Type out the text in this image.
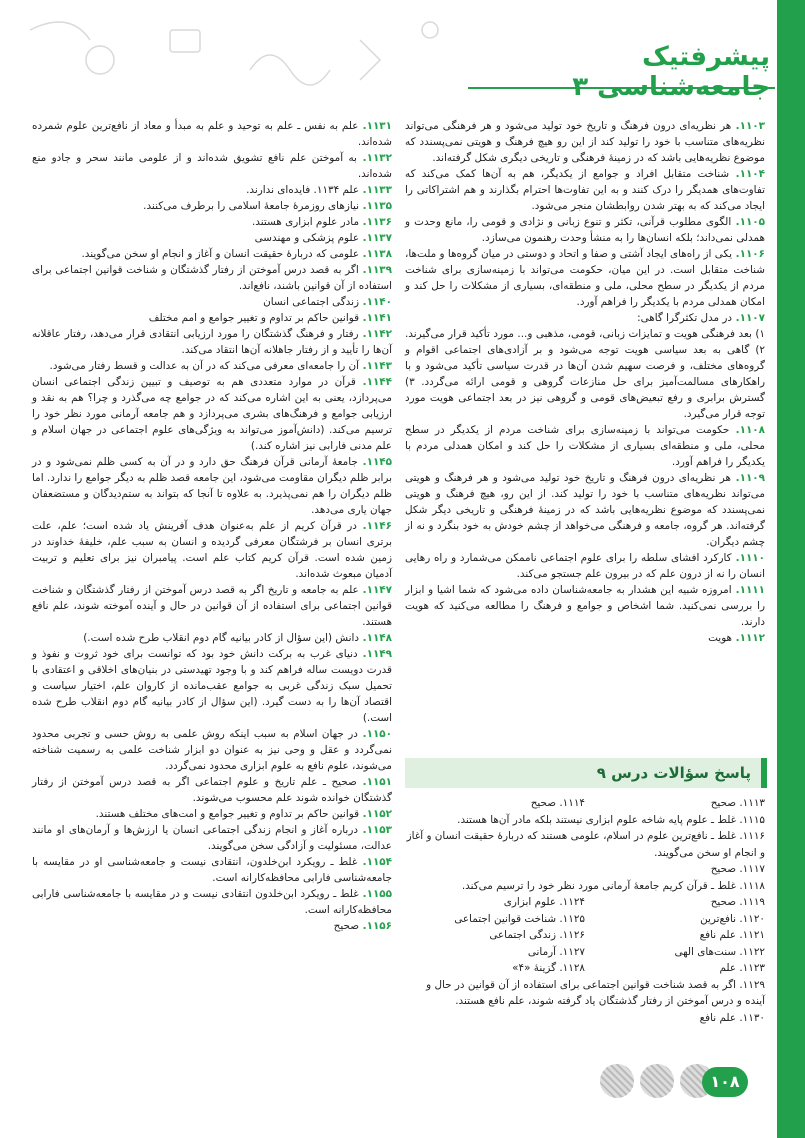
پیشرفتیک جامعه‌شناسی ۳

۱۱۰۳. هر نظریه‌ای درون فرهنگ و تاریخ خود تولید می‌شود و هر فرهنگی می‌تواند نظریه‌های متناسب با خود را تولید کند از این رو هیچ فرهنگ و هویتی نمی‌پسندد که موضوع نظریه‌هایی باشد که در زمینهٔ فرهنگی و تاریخی دیگری شکل گرفته‌اند.

۱۱۰۴. شناخت متقابل افراد و جوامع از یکدیگر، هم به آن‌ها کمک می‌کند که تفاوت‌های همدیگر را درک کنند و به این تفاوت‌ها احترام بگذارند و هم اشتراکاتی را ایجاد می‌کند که به بهتر شدن روابطشان منجر می‌شود.

۱۱۰۵. الگوی مطلوب قرآنی، تکثر و تنوع زبانی و نژادی و قومی را، مانع وحدت و همدلی نمی‌داند؛ بلکه انسان‌ها را به منشأ وحدت رهنمون می‌سازد.

۱۱۰۶. یکی از راه‌های ایجاد آشتی و صفا و اتحاد و دوستی در میان گروه‌ها و ملت‌ها، شناخت متقابل است. در این میان، حکومت می‌تواند با زمینه‌سازی برای شناخت مردم از یکدیگر در سطح محلی، ملی و منطقه‌ای، بسیاری از مشکلات را حل کند و امکان همدلی مردم با یکدیگر را فراهم آورد.

۱۱۰۷. در مدل تکثرگرا گاهی:

۱) بعد فرهنگی هویت و تمایزات زبانی، قومی، مذهبی و... مورد تأکید قرار می‌گیرند. ۲) گاهی به بعد سیاسی هویت توجه می‌شود و بر آزادی‌های اجتماعی اقوام و گروه‌های مختلف، و فرصت سهیم شدن آن‌ها در قدرت سیاسی تأکید می‌شود و با راهکارهای مسالمت‌آمیز برای حل منازعات گروهی و قومی ارائه می‌گردد. ۳) گسترش برابری و رفع تبعیض‌های قومی و گروهی نیز در بعد اجتماعی هویت مورد توجه قرار می‌گیرد.

۱۱۰۸. حکومت می‌تواند با زمینه‌سازی برای شناخت مردم از یکدیگر در سطح محلی، ملی و منطقه‌ای بسیاری از مشکلات را حل کند و امکان همدلی مردم با یکدیگر را فراهم آورد.

۱۱۰۹. هر نظریه‌ای درون فرهنگ و تاریخ خود تولید می‌شود و هر فرهنگ و هویتی می‌تواند نظریه‌های متناسب با خود را تولید کند. از این رو، هیچ فرهنگ و هویتی نمی‌پسندد که موضوع نظریه‌هایی باشد که در زمینهٔ فرهنگی و تاریخی دیگر شکل گرفته‌اند. هر گروه، جامعه و فرهنگی می‌خواهد از چشم خودش به خود بنگرد و نه از چشم دیگران.

۱۱۱۰. کارکرد افشای سلطه را برای علوم اجتماعی ناممکن می‌شمارد و راه رهایی انسان را نه از درون علم که در بیرون علم جستجو می‌کند.

۱۱۱۱. امروزه شبیه این هشدار به جامعه‌شناسان داده می‌شود که شما اشیا و ابزار را بررسی نمی‌کنید. شما اشخاص و جوامع و فرهنگ را مطالعه می‌کنید که هویت دارند.

۱۱۱۲. هویت

پاسخ سؤالات درس ۹
۱۱۱۳. صحیح
۱۱۱۴. صحیح
۱۱۱۵. غلط ـ علوم پایه شاخه علوم ابزاری نیستند بلکه مادر آن‌ها هستند.
۱۱۱۶. غلط ـ نافع‌ترین علوم در اسلام، علومی هستند که دربارهٔ حقیقت انسان و آغاز و انجام او سخن می‌گویند.
۱۱۱۷. صحیح
۱۱۱۸. غلط ـ قرآن کریم جامعهٔ آرمانی مورد نظر خود را ترسیم می‌کند.
۱۱۱۹. صحیح
۱۱۲۴. علوم ابزاری
۱۱۲۰. نافع‌ترین
۱۱۲۵. شناخت قوانین اجتماعی
۱۱۲۱. علم نافع
۱۱۲۶. زندگی اجتماعی
۱۱۲۲. سنت‌های الهی
۱۱۲۷. آرمانی
۱۱۲۳. علم
۱۱۲۸. گزینهٔ «۴»
۱۱۲۹. اگر به قصد شناخت قوانین اجتماعی برای استفاده از آن قوانین در حال و آینده و درس آموختن از رفتار گذشتگان یاد گرفته شوند، علم نافع هستند.
۱۱۳۰. علم نافع

۱۱۳۱. علم به نفس ـ علم به توحید و علم به مبدأ و معاد از نافع‌ترین علوم شمرده شده‌اند.

۱۱۳۲. به آموختن علم نافع تشویق شده‌اند و از علومی مانند سحر و جادو منع شده‌اند.

۱۱۳۳. علم ۱۱۳۴. فایده‌ای ندارند.

۱۱۳۵. نیازهای روزمرهٔ جامعهٔ اسلامی را برطرف می‌کنند.

۱۱۳۶. مادر علوم ابزاری هستند.

۱۱۳۷. علوم پزشکی و مهندسی

۱۱۳۸. علومی که دربارهٔ حقیقت انسان و آغاز و انجام او سخن می‌گویند.

۱۱۳۹. اگر به قصد درس آموختن از رفتار گذشتگان و شناخت قوانین اجتماعی برای استفاده از آن قوانین باشند، نافع‌اند.

۱۱۴۰. زندگی اجتماعی انسان

۱۱۴۱. قوانین حاکم بر تداوم و تغییر جوامع و امم مختلف

۱۱۴۲. رفتار و فرهنگ گذشتگان را مورد ارزیابی انتقادی قرار می‌دهد، رفتار عاقلانه آن‌ها را تأیید و از رفتار جاهلانه آن‌ها انتقاد می‌کند.

۱۱۴۳. آن را جامعه‌ای معرفی می‌کند که در آن به عدالت و قسط رفتار می‌شود.

۱۱۴۴. قرآن در موارد متعددی هم به توصیف و تبیین زندگی اجتماعی انسان می‌پردازد، یعنی به این اشاره می‌کند که در جوامع چه می‌گذرد و چرا؟ هم به نقد و ارزیابی جوامع و فرهنگ‌های بشری می‌پردازد و هم جامعه آرمانی مورد نظر خود را ترسیم می‌کند. (دانش‌آموز می‌تواند به ویژگی‌های علوم اجتماعی در جهان اسلام و علم مدنی فارابی نیز اشاره کند.)

۱۱۴۵. جامعهٔ آرمانی قرآن فرهنگ حق دارد و در آن به کسی ظلم نمی‌شود و در برابر ظلم دیگران مقاومت می‌شود، این جامعه قصد ظلم به دیگر جوامع را ندارد. اما ظلم دیگران را هم نمی‌پذیرد. به علاوه تا آنجا که بتواند به ستم‌دیدگان و مستضعفان جهان یاری می‌دهد.

۱۱۴۶. در قرآن کریم از علم به‌عنوان هدف آفرینش یاد شده است؛ علم، علت برتری انسان بر فرشتگان معرفی گردیده و انسان به سبب علم، خلیفهٔ خداوند در زمین شده است. قرآن کریم کتاب علم است. پیامبران نیز برای تعلیم و تربیت آدمیان مبعوث شده‌اند.

۱۱۴۷. علم به جامعه و تاریخ اگر به قصد درس آموختن از رفتار گذشتگان و شناخت قوانین اجتماعی برای استفاده از آن قوانین در حال و آینده آموخته شوند، علم نافع هستند.

۱۱۴۸. دانش (این سؤال از کادر بیانیه گام دوم انقلاب طرح شده است.)

۱۱۴۹. دنیای غرب به برکت دانش خود بود که توانست برای خود ثروت و نفوذ و قدرت دویست ساله فراهم کند و با وجود تهیدستی در بنیان‌های اخلاقی و اعتقادی با تحمیل سبک زندگی غربی به جوامع عقب‌مانده از کاروان علم، اختیار سیاست و اقتصاد آن‌ها را به دست گیرد. (این سؤال از کادر بیانیه گام دوم انقلاب طرح شده است.)

۱۱۵۰. در جهان اسلام به سبب اینکه روش علمی به روش حسی و تجربی محدود نمی‌گردد و عقل و وحی نیز به عنوان دو ابزار شناخت علمی به رسمیت شناخته می‌شوند، علوم نافع به علوم ابزاری محدود نمی‌گردد.

۱۱۵۱. صحیح ـ علم تاریخ و علوم اجتماعی اگر به قصد درس آموختن از رفتار گذشتگان خوانده شوند علم محسوب می‌شوند.

۱۱۵۲. قوانین حاکم بر تداوم و تغییر جوامع و امت‌های مختلف هستند.

۱۱۵۳. درباره آغاز و انجام زندگی اجتماعی انسان یا ارزش‌ها و آرمان‌های او مانند عدالت، مسئولیت و آزادگی سخن می‌گویند.

۱۱۵۴. غلط ـ رویکرد ابن‌خلدون، انتقادی نیست و جامعه‌شناسی او در مقایسه با جامعه‌شناسی فارابی محافظه‌کارانه است.

۱۱۵۵. غلط ـ رویکرد ابن‌خلدون انتقادی نیست و در مقایسه با جامعه‌شناسی فارابی محافظه‌کارانه است.

۱۱۵۶. صحیح

۱۰۸
